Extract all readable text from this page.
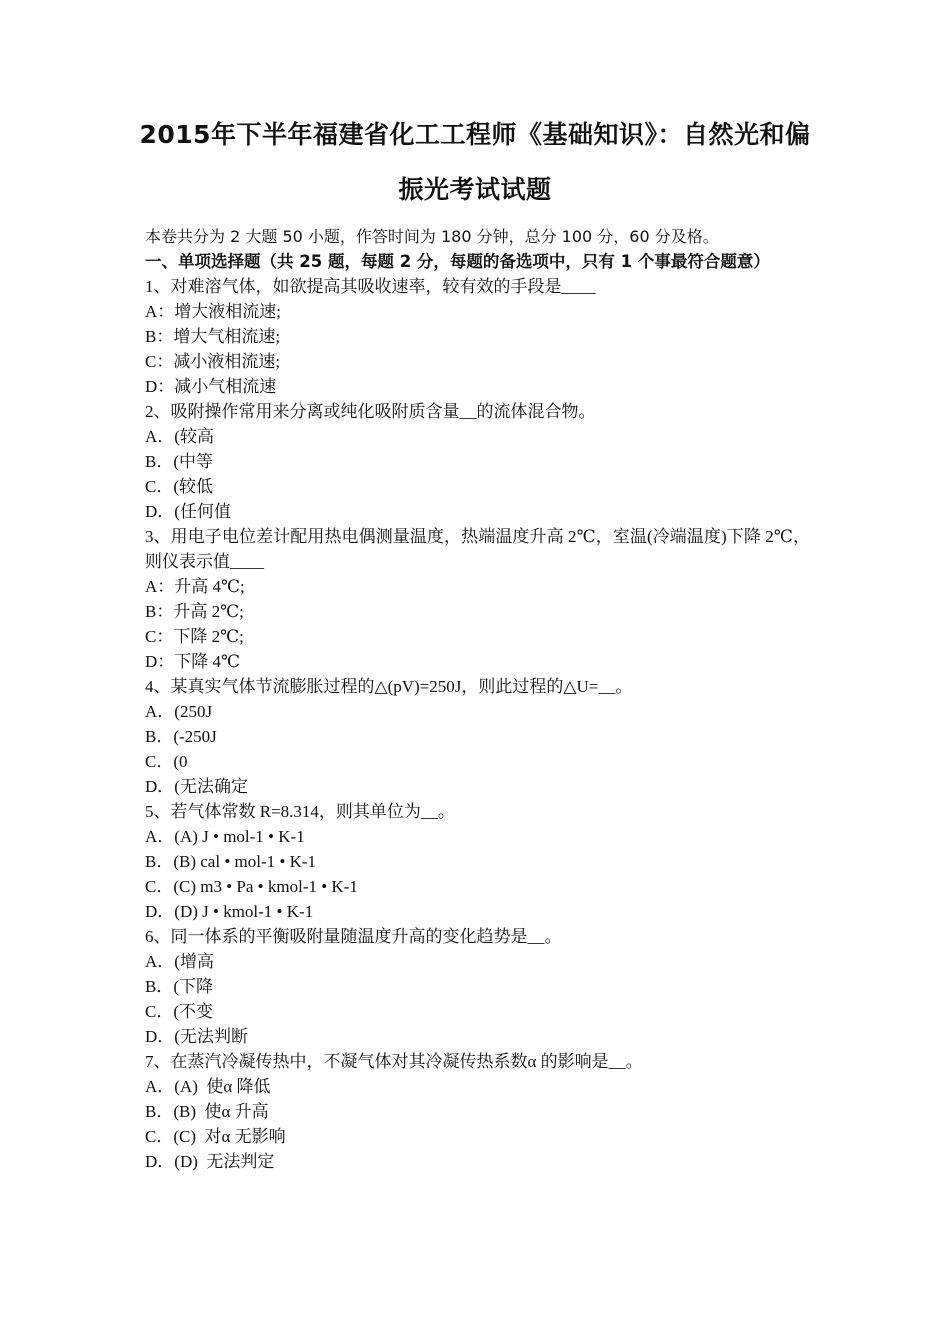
2015年下半年福建省化工工程师《基础知识》：自然光和偏
振光考试试题

本卷共分为 2 大题 50 小题，作答时间为 180 分钟，总分 100 分，60 分及格。

一、单项选择题（共 25 题，每题 2 分，每题的备选项中，只有 1 个事最符合题意）

1、对难溶气体，如欲提高其吸收速率，较有效的手段是____

A：增大液相流速;

B：增大气相流速;

C：减小液相流速;

D：减小气相流速

2、吸附操作常用来分离或纯化吸附质含量__的流体混合物。

A．(较高

B．(中等

C．(较低

D．(任何值

3、用电子电位差计配用热电偶测量温度，热端温度升高 2℃，室温(冷端温度)下降 2℃，则仪表示值____

A：升高 4℃;

B：升高 2℃;

C：下降 2℃;

D：下降 4℃

4、某真实气体节流膨胀过程的△(pV)=250J，则此过程的△U=__。

A．(250J

B．(-250J

C．(0

D．(无法确定

5、若气体常数 R=8.314，则其单位为__。

A．(A) J • mol-1 • K-1

B．(B) cal • mol-1 • K-1

C．(C) m3 • Pa • kmol-1 • K-1

D．(D) J • kmol-1 • K-1

6、同一体系的平衡吸附量随温度升高的变化趋势是__。

A．(增高

B．(下降

C．(不变

D．(无法判断

7、在蒸汽冷凝传热中，不凝气体对其冷凝传热系数α 的影响是__。

A．(A)  使α 降低

B．(B)  使α 升高

C．(C)  对α 无影响

D．(D)  无法判定
